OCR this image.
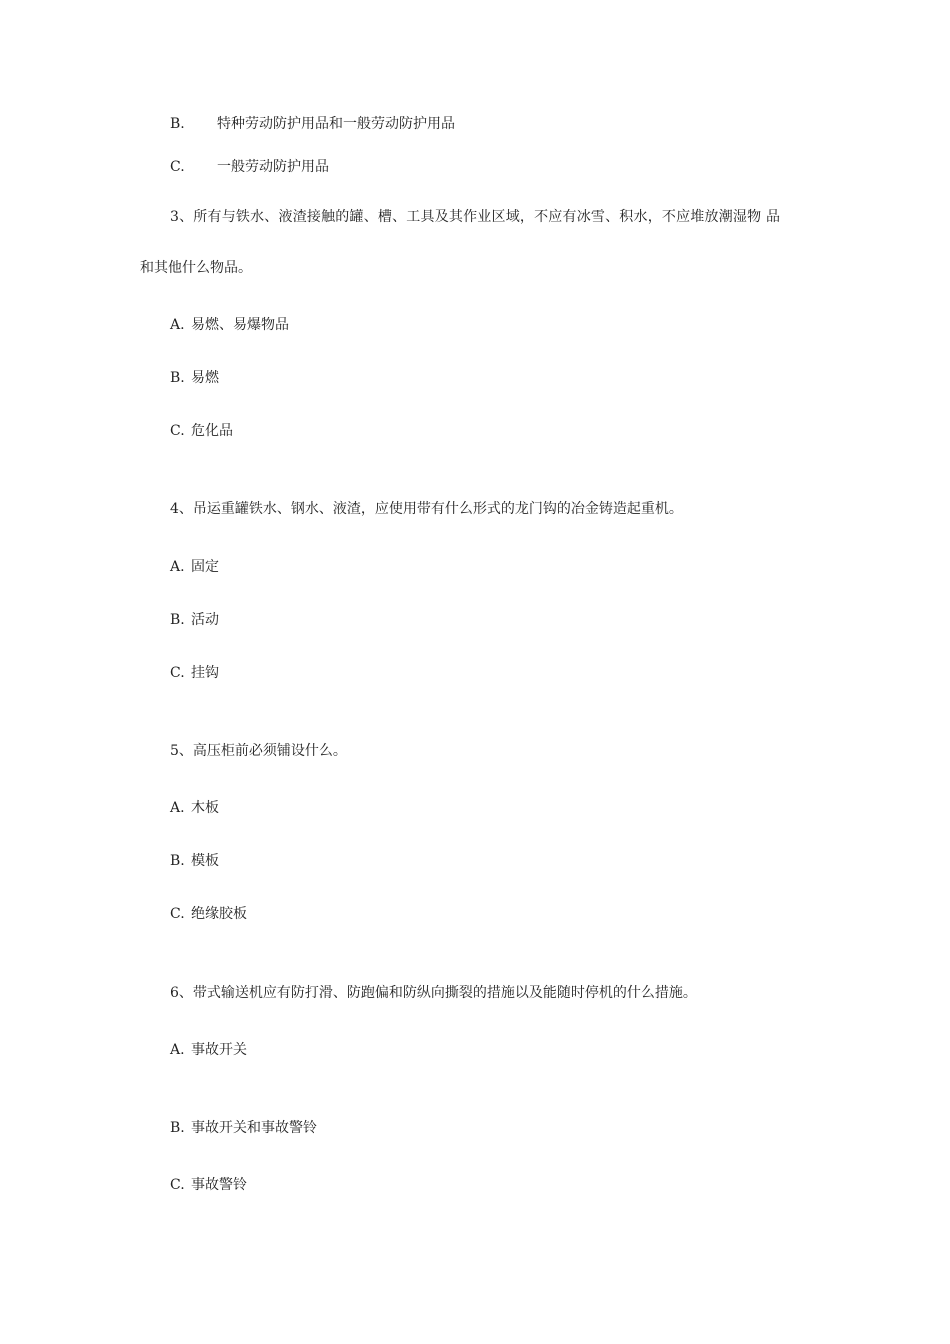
B. 特种劳动防护用品和一般劳动防护用品
C. 一般劳动防护用品
3、所有与铁水、液渣接触的罐、槽、工具及其作业区域，不应有冰雪、积水，不应堆放潮湿物 品
和其他什么物品。
A. 易燃、易爆物品
B. 易燃
C. 危化品
4、吊运重罐铁水、钢水、液渣，应使用带有什么形式的龙门钩的冶金铸造起重机。
A. 固定
B. 活动
C. 挂钩
5、高压柜前必须铺设什么。
A. 木板
B. 模板
C. 绝缘胶板
6、带式输送机应有防打滑、防跑偏和防纵向撕裂的措施以及能随时停机的什么措施。
A. 事故开关
B. 事故开关和事故警铃
C. 事故警铃
